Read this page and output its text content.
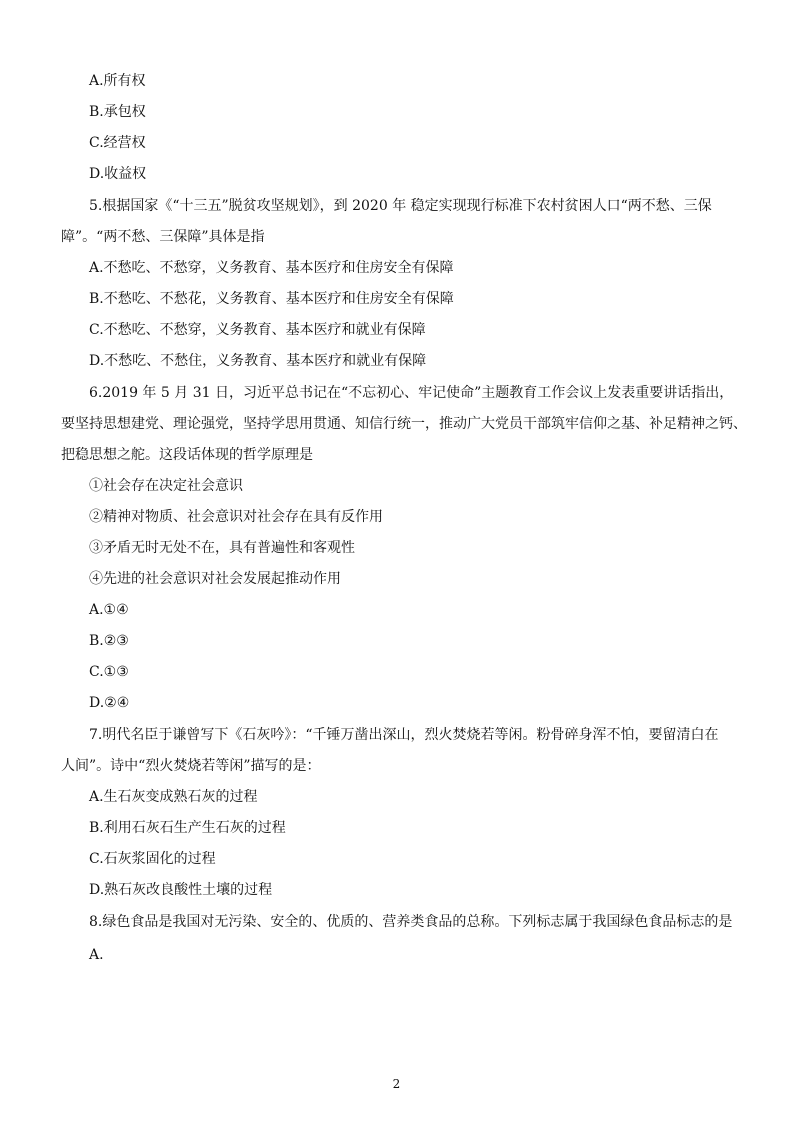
A.所有权
B.承包权
C.经营权
D.收益权
5.根据国家《“十三五”脱贫攻坚规划》，到 2020 年 稳定实现现行标准下农村贫困人口“两不愁、三保
障”。“两不愁、三保障”具体是指
A.不愁吃、不愁穿，义务教育、基本医疗和住房安全有保障
B.不愁吃、不愁花，义务教育、基本医疗和住房安全有保障
C.不愁吃、不愁穿，义务教育、基本医疗和就业有保障
D.不愁吃、不愁住，义务教育、基本医疗和就业有保障
6.2019 年 5 月 31 日，习近平总书记在“不忘初心、牢记使命”主题教育工作会议上发表重要讲话指出，
要坚持思想建党、理论强党，坚持学思用贯通、知信行统一，推动广大党员干部筑牢信仰之基、补足精神之钙、
把稳思想之舵。这段话体现的哲学原理是
①社会存在决定社会意识
②精神对物质、社会意识对社会存在具有反作用
③矛盾无时无处不在，具有普遍性和客观性
④先进的社会意识对社会发展起推动作用
A.①④
B.②③
C.①③
D.②④
7.明代名臣于谦曾写下《石灰吟》：“千锤万凿出深山，烈火焚烧若等闲。粉骨碎身浑不怕，要留清白在
人间”。诗中“烈火焚烧若等闲”描写的是：
A.生石灰变成熟石灰的过程
B.利用石灰石生产生石灰的过程
C.石灰浆固化的过程
D.熟石灰改良酸性土壤的过程
8.绿色食品是我国对无污染、安全的、优质的、营养类食品的总称。下列标志属于我国绿色食品标志的是
A.
2
